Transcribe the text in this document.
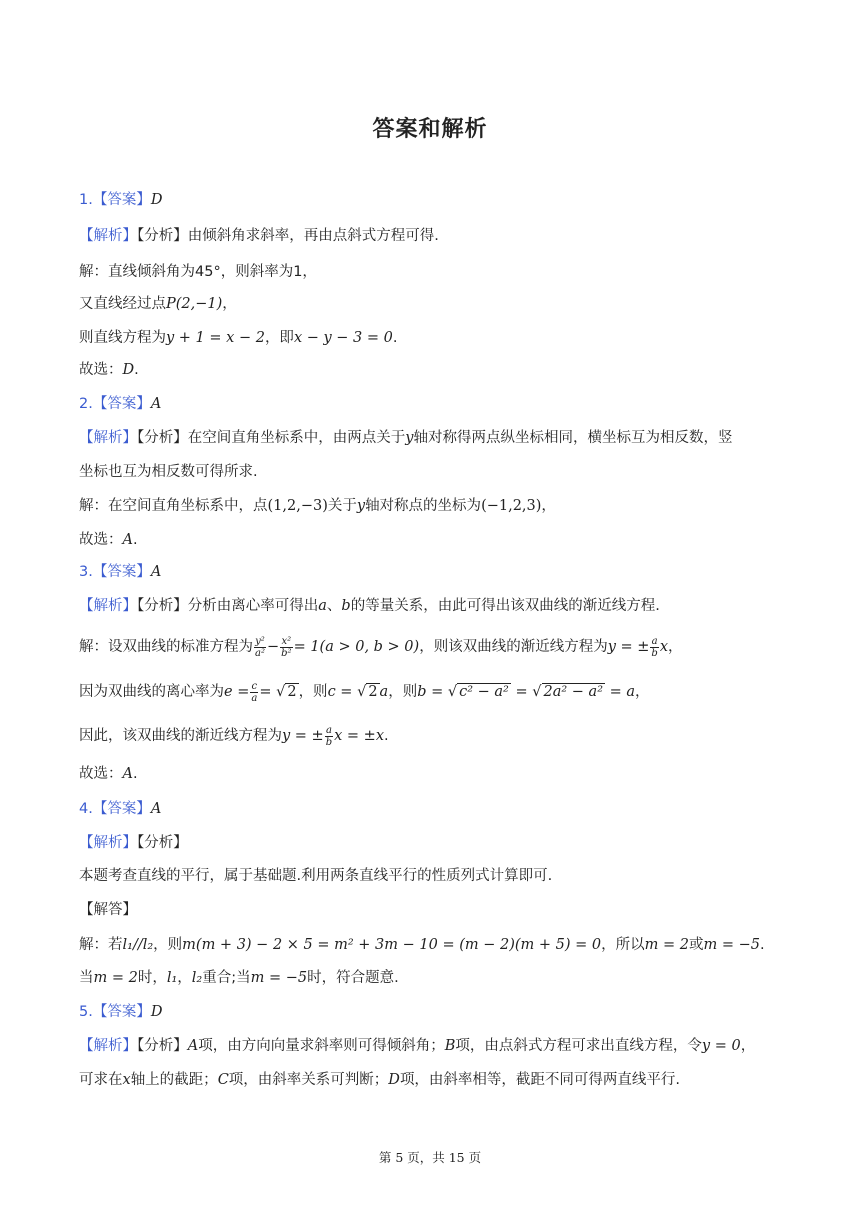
答案和解析
1.【答案】D
【解析】【分析】由倾斜角求斜率，再由点斜式方程可得.
解：直线倾斜角为45°，则斜率为1，
又直线经过点P(2,−1)，
则直线方程为y + 1 = x − 2，即x − y − 3 = 0.
故选：D.
2.【答案】A
【解析】【分析】在空间直角坐标系中，由两点关于y轴对称得两点纵坐标相同，横坐标互为相反数，竖
坐标也互为相反数可得所求.
解：在空间直角坐标系中，点(1,2,−3)关于y轴对称点的坐标为(−1,2,3)，
故选：A.
3.【答案】A
【解析】【分析】分析由离心率可得出a、b的等量关系，由此可得出该双曲线的渐近线方程.
解：设双曲线的标准方程为 $\frac{\text{y²}}{\text{a²}} - \frac{\text{x²}}{\text{b²}} = 1(a > 0$, b > 0)，则该双曲线的渐近线方程为y = ± $\frac{a}{b}$ x，
因为双曲线的离心率为$e = \frac{c}{a}$ = √ 2 ，则c = √ 2 a，则b = √ c² − a² = √ 2a² − a² = a，
因此，该双曲线的渐近线方程为y = ± $\frac{a}{b}$ x = ±x.
故选：A.
4.【答案】A
【解析】【分析】
本题考查直线的平行，属于基础题.利用两条直线平行的性质列式计算即可.
【解答】
解：若l₁//l₂，则m(m + 3) − 2 × 5 = m² + 3m − 10 = (m − 2)(m + 5) = 0，所以m = 2或m = −5.
当m = 2时，l₁，l₂重合;当m = −5时，符合题意.
5.【答案】D
【解析】【分析】A项，由方向向量求斜率则可得倾斜角；B项，由点斜式方程可求出直线方程，令y = 0，
可求在x轴上的截距；C项，由斜率关系可判断；D项，由斜率相等，截距不同可得两直线平行.
第 5 页，共 15 页
